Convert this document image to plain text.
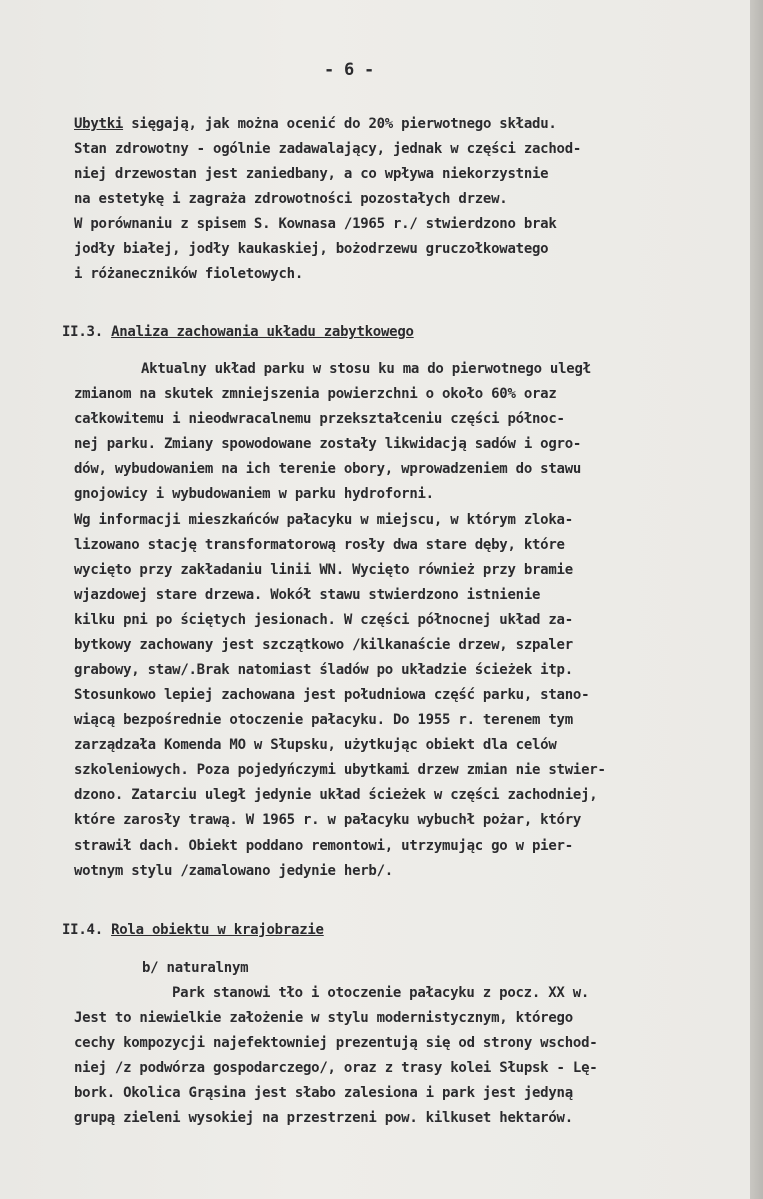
- 6 -
Ubytki sięgają, jak można ocenić do 20% pierwotnego składu.
Stan zdrowotny - ogólnie zadawalający, jednak w części zachod-
niej drzewostan jest zaniedbany, a co wpływa niekorzystnie
na estetykę i zagraża zdrowotności pozostałych drzew.
W porównaniu z spisem S. Kownasa /1965 r./ stwierdzono brak
jodły białej, jodły kaukaskiej, bożodrzewu gruczołkowatego
i różaneczników fioletowych.
II.3. Analiza zachowania układu zabytkowego
Aktualny układ parku w stosu ku ma do pierwotnego uległ
zmianom na skutek zmniejszenia powierzchni o około 60% oraz
całkowitemu i nieodwracalnemu przekształceniu części północ-
nej parku. Zmiany spowodowane zostały likwidacją sadów i ogro-
dów, wybudowaniem na ich terenie obory, wprowadzeniem do stawu
gnojowicy i wybudowaniem w parku hydroforni.
Wg informacji mieszkańców pałacyku w miejscu, w którym zloka-
lizowano stację transformatorową rosły dwa stare dęby, które
wycięto przy zakładaniu linii WN. Wycięto również przy bramie
wjazdowej stare drzewa. Wokół stawu stwierdzono istnienie
kilku pni po ściętych jesionach. W części północnej układ za-
bytkowy zachowany jest szczątkowo /kilkanaście drzew, szpaler
grabowy, staw/.Brak natomiast śladów po układzie ścieżek itp.
Stosunkowo lepiej zachowana jest południowa część parku, stano-
wiącą bezpośrednie otoczenie pałacyku. Do 1955 r. terenem tym
zarządzała Komenda MO w Słupsku, użytkując obiekt dla celów
szkoleniowych. Poza pojedyńczymi ubytkami drzew zmian nie stwier-
dzono. Zatarciu uległ jedynie układ ścieżek w części zachodniej,
które zarosły trawą. W 1965 r. w pałacyku wybuchł pożar, który
strawił dach. Obiekt poddano remontowi, utrzymując go w pier-
wotnym stylu /zamalowano jedynie herb/.
II.4. Rola obiektu w krajobrazie
b/ naturalnym
Park stanowi tło i otoczenie pałacyku z pocz. XX w.
Jest to niewielkie założenie w stylu modernistycznym, którego
cechy kompozycji najefektowniej prezentują się od strony wschod-
niej /z podwórza gospodarczego/, oraz z trasy kolei Słupsk - Lę-
bork. Okolica Grąsina jest słabo zalesiona i park jest jedyną
grupą zieleni wysokiej na przestrzeni pow. kilkuset hektarów.
